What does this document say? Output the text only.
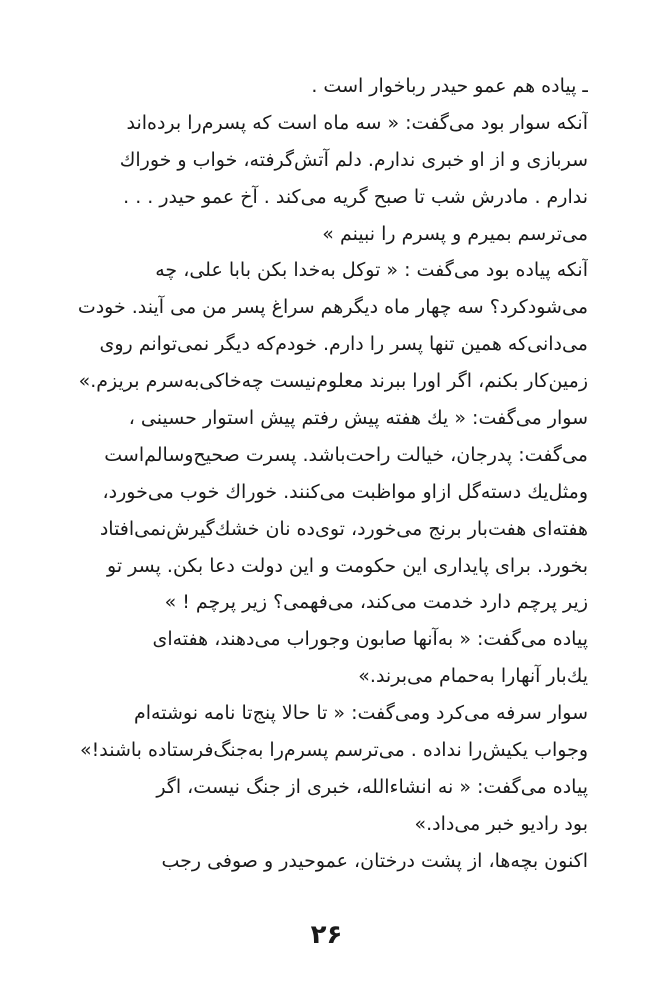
ـ پیاده هم عمو حیدر رباخوار است .
آنکه سوار بود می‌گفت: « سه ماه است که پسرم‌را برده‌اند
سربازی و از او خبری ندارم. دلم آتش‌گرفته، خواب و خوراك
ندارم . مادرش شب تا صبح گریه می‌کند . آخ عمو حیدر . . .
می‌ترسم بمیرم و پسرم را نبینم »
آنکه پیاده بود می‌گفت : « توکل به‌خدا بکن بابا علی، چه
می‌شودکرد؟ سه چهار ماه دیگرهم سراغ پسر من می آیند. خودت
می‌دانی‌که همین تنها پسر را دارم. خودم‌که دیگر نمی‌توانم روی
زمین‌کار بکنم، اگر اورا ببرند معلوم‌نیست چه‌خاکی‌به‌سرم بریزم.»
سوار می‌گفت: « یك هفته پیش رفتم پیش استوار حسینی ،
می‌گفت: پدرجان، خیالت راحت‌باشد. پسرت صحیح‌وسالم‌است
ومثل‌یك دسته‌گل ازاو مواظبت می‌کنند. خوراك خوب می‌خورد،
هفته‌ای هفت‌بار برنج می‌خورد، توی‌ده نان خشك‌گیرش‌نمی‌افتاد
بخورد. برای پایداری این حکومت و این دولت دعا بکن. پسر تو
زیر پرچم دارد خدمت می‌کند، می‌فهمی؟ زیر پرچم ! »
پیاده می‌گفت: « به‌آنها صابون وجوراب می‌دهند، هفته‌ای
یك‌بار آنهارا به‌حمام می‌برند.»
سوار سرفه می‌کرد ومی‌گفت: « تا حالا پنج‌تا نامه نوشته‌ام
وجواب یکیش‌را نداده . می‌ترسم پسرم‌را به‌جنگ‌فرستاده باشند!»
پیاده می‌گفت: « نه انشاءالله، خبری از جنگ نیست، اگر
بود رادیو خبر می‌داد.»
اکنون بچه‌ها، از پشت درختان، عموحیدر و صوفی رجب
۲۶
